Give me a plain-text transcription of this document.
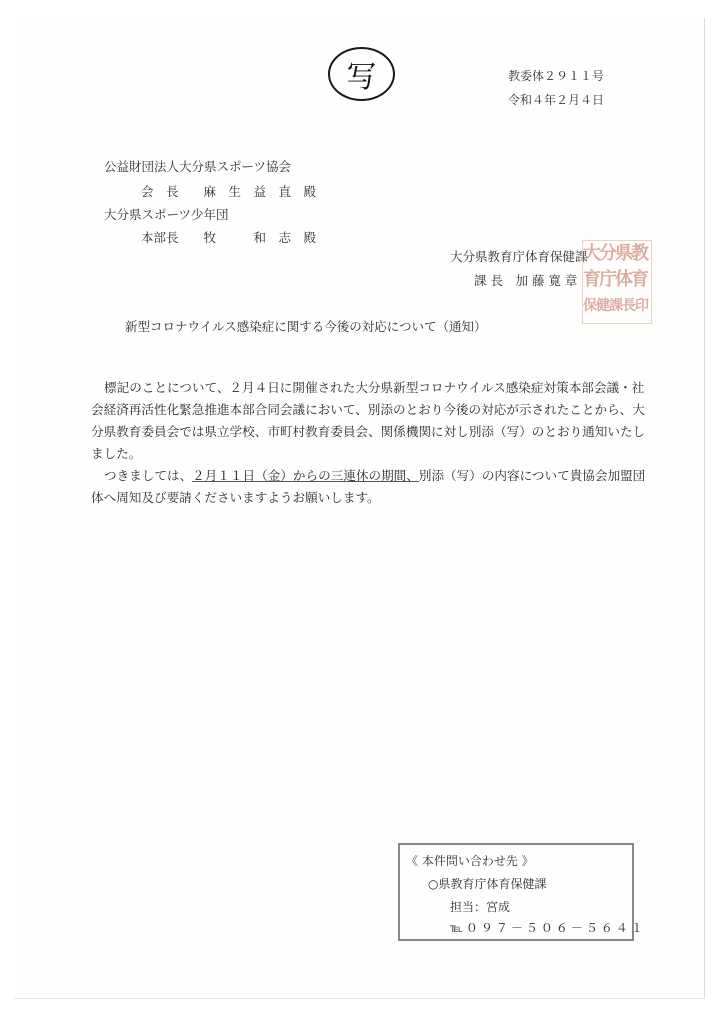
写	教委体２９１１号
令和４年２月４日
公益財団法人大分県スポーツ協会
会　長　　麻　生　益　直　殿
大分県スポーツ少年団
本部長　　牧　　　和　志　殿
大分県教育庁体育保健課
課 長　加 藤 寛 章
大分県教
育庁体育
保健課長印
新型コロナウイルス感染症に関する今後の対応について（通知）
標記のことについて、２月４日に開催された大分県新型コロナウイルス感染症対策本部会議・社
会経済再活性化緊急推進本部合同会議において、別添のとおり今後の対応が示されたことから、大
分県教育委員会では県立学校、市町村教育委員会、関係機関に対し別添（写）のとおり通知いたし
ました。
つきましては、２月１１日（金）からの三連休の期間、別添（写）の内容について貴協会加盟団
体へ周知及び要請くださいますようお願いします。
《 本件問い合わせ先 》
○県教育庁体育保健課
担当：宮成
℡０９７－５０６－５６４１
